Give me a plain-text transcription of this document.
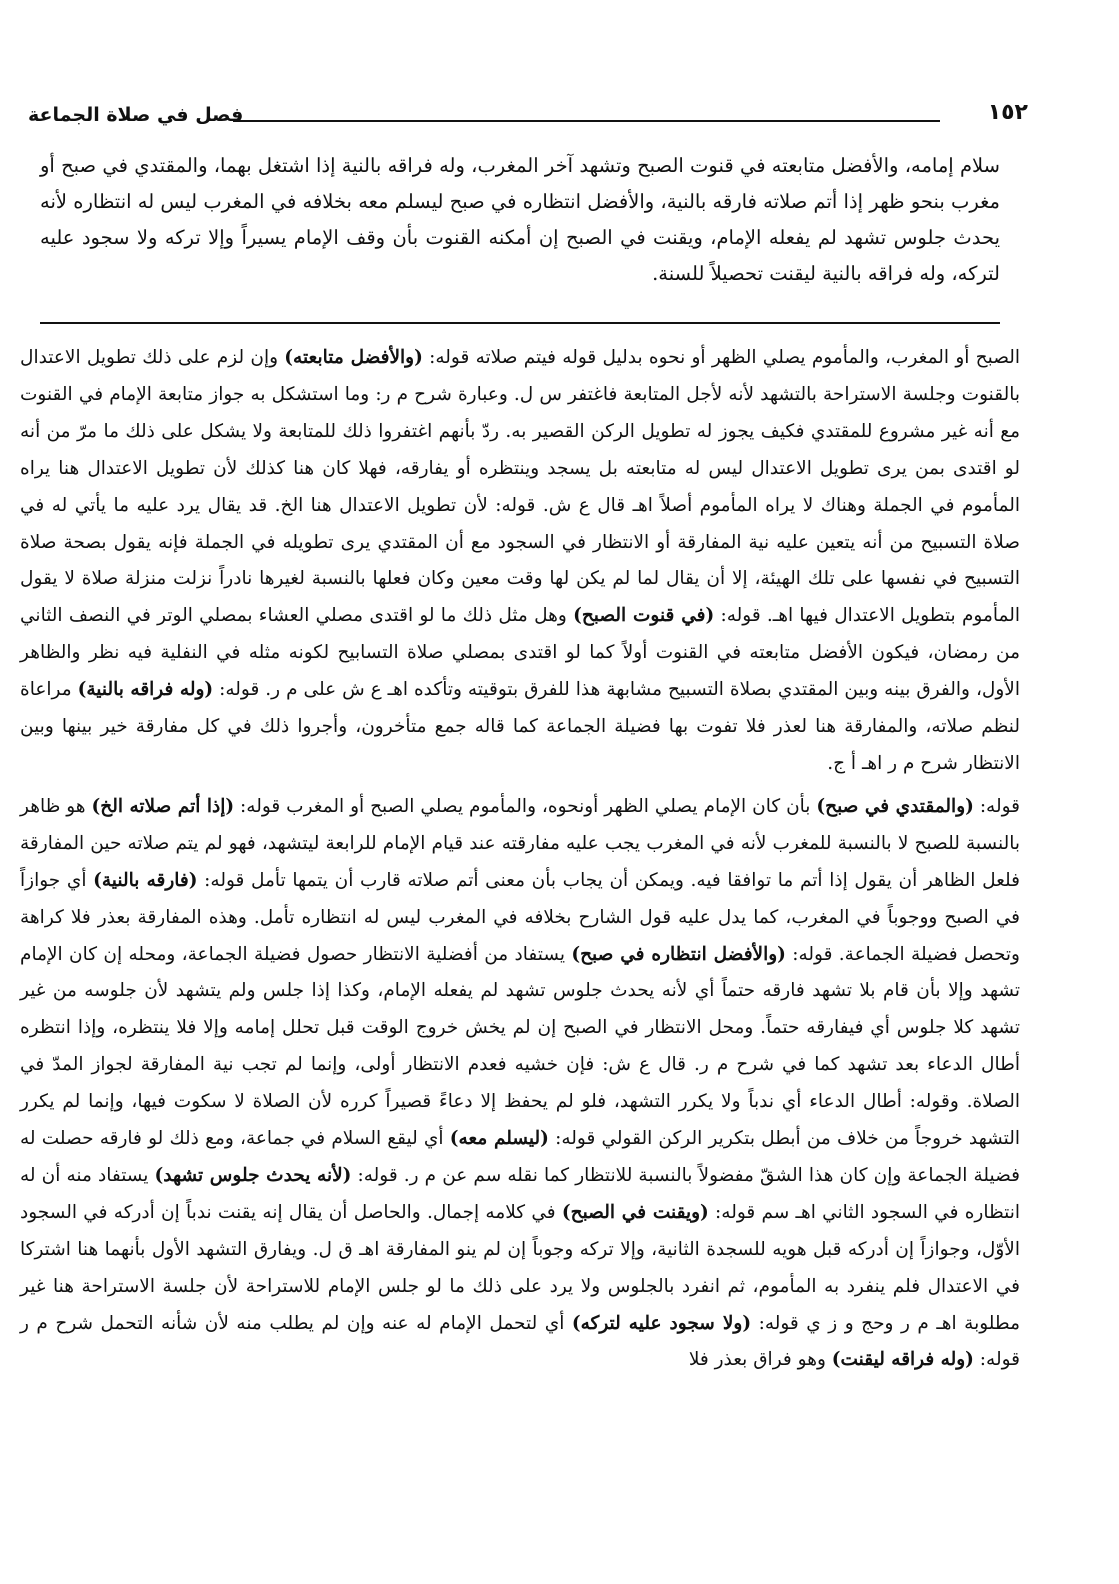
فصل في صلاة الجماعة	١٥٢
سلام إمامه، والأفضل متابعته في قنوت الصبح وتشهد آخر المغرب، وله فراقه بالنية إذا اشتغل بهما، والمقتدي في صبح أو مغرب بنحو ظهر إذا أتم صلاته فارقه بالنية، والأفضل انتظاره في صبح ليسلم معه بخلافه في المغرب ليس له انتظاره لأنه يحدث جلوس تشهد لم يفعله الإمام، ويقنت في الصبح إن أمكنه القنوت بأن وقف الإمام يسيراً وإلا تركه ولا سجود عليه لتركه، وله فراقه بالنية ليقنت تحصيلاً للسنة.

الصبح أو المغرب، والمأموم يصلي الظهر أو نحوه بدليل قوله فيتم صلاته قوله: (والأفضل متابعته) وإن لزم على ذلك تطويل الاعتدال بالقنوت وجلسة الاستراحة بالتشهد لأنه لأجل المتابعة فاغتفر س ل. وعبارة شرح م ر: وما استشكل به جواز متابعة الإمام في القنوت مع أنه غير مشروع للمقتدي فكيف يجوز له تطويل الركن القصير به. ردّ بأنهم اغتفروا ذلك للمتابعة ولا يشكل على ذلك ما مرّ من أنه لو اقتدى بمن يرى تطويل الاعتدال ليس له متابعته بل يسجد وينتظره أو يفارقه، فهلا كان هنا كذلك لأن تطويل الاعتدال هنا يراه المأموم في الجملة وهناك لا يراه المأموم أصلاً اهـ قال ع ش. قوله: لأن تطويل الاعتدال هنا الخ. قد يقال يرد عليه ما يأتي له في صلاة التسبيح من أنه يتعين عليه نية المفارقة أو الانتظار في السجود مع أن المقتدي يرى تطويله في الجملة فإنه يقول بصحة صلاة التسبيح في نفسها على تلك الهيئة، إلا أن يقال لما لم يكن لها وقت معين وكان فعلها بالنسبة لغيرها نادراً نزلت منزلة صلاة لا يقول المأموم بتطويل الاعتدال فيها اهـ. قوله: (في قنوت الصبح) وهل مثل ذلك ما لو اقتدى مصلي العشاء بمصلي الوتر في النصف الثاني من رمضان، فيكون الأفضل متابعته في القنوت أولاً كما لو اقتدى بمصلي صلاة التسابيح لكونه مثله في النفلية فيه نظر والظاهر الأول، والفرق بينه وبين المقتدي بصلاة التسبيح مشابهة هذا للفرق بتوقيته وتأكده اهـ ع ش على م ر. قوله: (وله فراقه بالنية) مراعاة لنظم صلاته، والمفارقة هنا لعذر فلا تفوت بها فضيلة الجماعة كما قاله جمع متأخرون، وأجروا ذلك في كل مفارقة خير بينها وبين الانتظار شرح م ر اهـ أ ج.

قوله: (والمقتدي في صبح) بأن كان الإمام يصلي الظهر أونحوه، والمأموم يصلي الصبح أو المغرب قوله: (إذا أتم صلاته الخ) هو ظاهر بالنسبة للصبح لا بالنسبة للمغرب لأنه في المغرب يجب عليه مفارقته عند قيام الإمام للرابعة ليتشهد، فهو لم يتم صلاته حين المفارقة فلعل الظاهر أن يقول إذا أتم ما توافقا فيه. ويمكن أن يجاب بأن معنى أتم صلاته قارب أن يتمها تأمل قوله: (فارقه بالنية) أي جوازاً في الصبح ووجوباً في المغرب، كما يدل عليه قول الشارح بخلافه في المغرب ليس له انتظاره تأمل. وهذه المفارقة بعذر فلا كراهة وتحصل فضيلة الجماعة. قوله: (والأفضل انتظاره في صبح) يستفاد من أفضلية الانتظار حصول فضيلة الجماعة، ومحله إن كان الإمام تشهد وإلا بأن قام بلا تشهد فارقه حتماً أي لأنه يحدث جلوس تشهد لم يفعله الإمام، وكذا إذا جلس ولم يتشهد لأن جلوسه من غير تشهد كلا جلوس أي فيفارقه حتماً. ومحل الانتظار في الصبح إن لم يخش خروج الوقت قبل تحلل إمامه وإلا فلا ينتظره، وإذا انتظره أطال الدعاء بعد تشهد كما في شرح م ر. قال ع ش: فإن خشيه فعدم الانتظار أولى، وإنما لم تجب نية المفارقة لجواز المدّ في الصلاة. وقوله: أطال الدعاء أي ندباً ولا يكرر التشهد، فلو لم يحفظ إلا دعاءً قصيراً كرره لأن الصلاة لا سكوت فيها، وإنما لم يكرر التشهد خروجاً من خلاف من أبطل بتكرير الركن القولي قوله: (ليسلم معه) أي ليقع السلام في جماعة، ومع ذلك لو فارقه حصلت له فضيلة الجماعة وإن كان هذا الشقّ مفضولاً بالنسبة للانتظار كما نقله سم عن م ر. قوله: (لأنه يحدث جلوس تشهد) يستفاد منه أن له انتظاره في السجود الثاني اهـ سم قوله: (ويقنت في الصبح) في كلامه إجمال. والحاصل أن يقال إنه يقنت ندباً إن أدركه في السجود الأوّل، وجوازاً إن أدركه قبل هويه للسجدة الثانية، وإلا تركه وجوباً إن لم ينو المفارقة اهـ ق ل. ويفارق التشهد الأول بأنهما هنا اشتركا في الاعتدال فلم ينفرد به المأموم، ثم انفرد بالجلوس ولا يرد على ذلك ما لو جلس الإمام للاستراحة لأن جلسة الاستراحة هنا غير مطلوبة اهـ م ر وحج و ز ي قوله: (ولا سجود عليه لتركه) أي لتحمل الإمام له عنه وإن لم يطلب منه لأن شأنه التحمل شرح م ر قوله: (وله فراقه ليقنت) وهو فراق بعذر فلا
